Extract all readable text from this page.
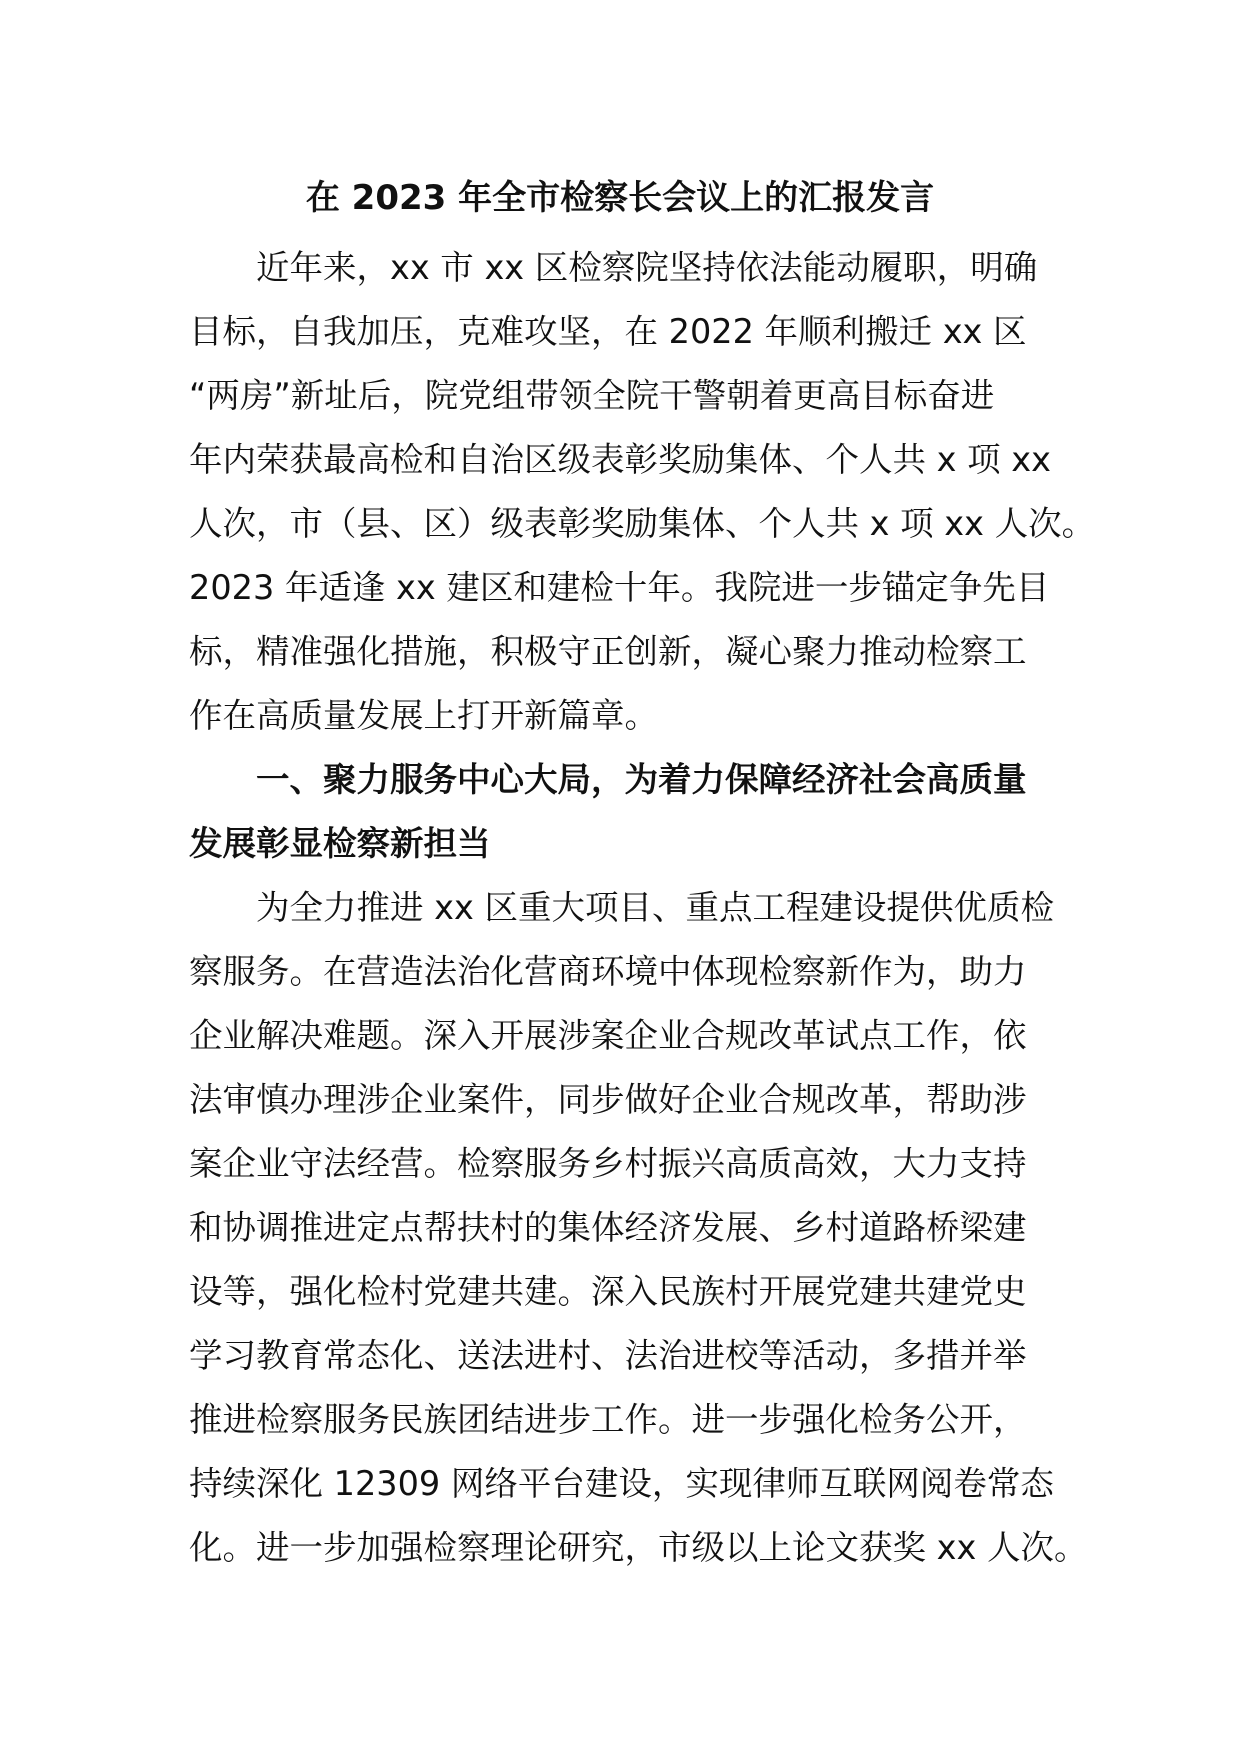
在 2023 年全市检察长会议上的汇报发言
　　近年来，xx 市 xx 区检察院坚持依法能动履职，明确
目标，自我加压，克难攻坚，在 2022 年顺利搬迁 xx 区
“两房”新址后，院党组带领全院干警朝着更高目标奋进
年内荣获最高检和自治区级表彰奖励集体、个人共 x 项 xx
人次，市（县、区）级表彰奖励集体、个人共 x 项 xx 人次。
2023 年适逢 xx 建区和建检十年。我院进一步锚定争先目
标，精准强化措施，积极守正创新，凝心聚力推动检察工
作在高质量发展上打开新篇章。
　　一、聚力服务中心大局，为着力保障经济社会高质量
发展彰显检察新担当
　　为全力推进 xx 区重大项目、重点工程建设提供优质检
察服务。在营造法治化营商环境中体现检察新作为，助力
企业解决难题。深入开展涉案企业合规改革试点工作，依
法审慎办理涉企业案件，同步做好企业合规改革，帮助涉
案企业守法经营。检察服务乡村振兴高质高效，大力支持
和协调推进定点帮扶村的集体经济发展、乡村道路桥梁建
设等，强化检村党建共建。深入民族村开展党建共建党史
学习教育常态化、送法进村、法治进校等活动，多措并举
推进检察服务民族团结进步工作。进一步强化检务公开，
持续深化 12309 网络平台建设，实现律师互联网阅卷常态
化。进一步加强检察理论研究，市级以上论文获奖 xx 人次。
